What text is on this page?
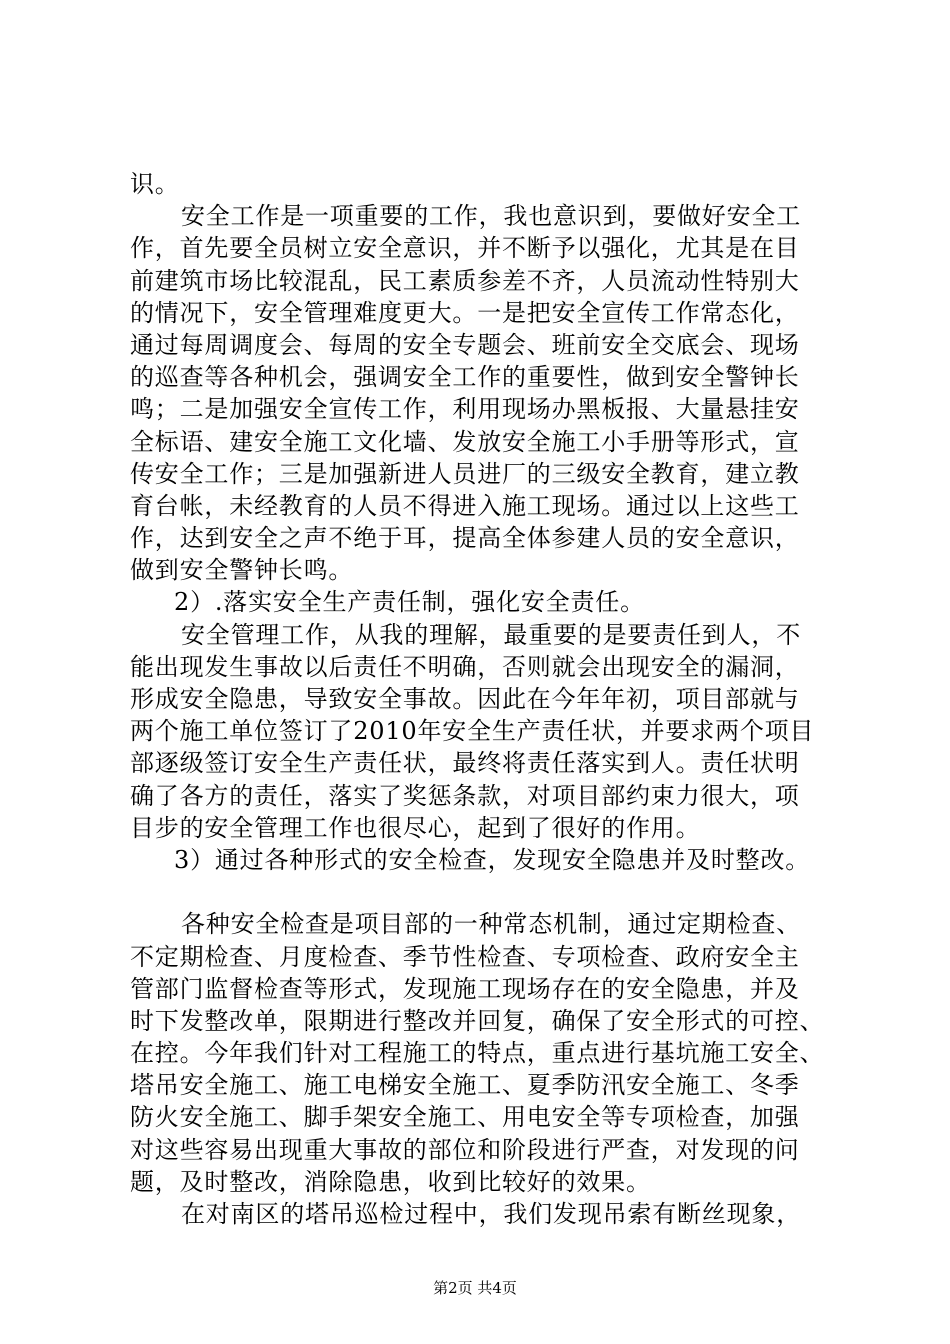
识。
安全工作是一项重要的工作，我也意识到，要做好安全工
作，首先要全员树立安全意识，并不断予以强化，尤其是在目
前建筑市场比较混乱，民工素质参差不齐，人员流动性特别大
的情况下，安全管理难度更大。一是把安全宣传工作常态化，
通过每周调度会、每周的安全专题会、班前安全交底会、现场
的巡查等各种机会，强调安全工作的重要性，做到安全警钟长
鸣；二是加强安全宣传工作，利用现场办黑板报、大量悬挂安
全标语、建安全施工文化墙、发放安全施工小手册等形式，宣
传安全工作；三是加强新进人员进厂的三级安全教育，建立教
育台帐，未经教育的人员不得进入施工现场。通过以上这些工
作，达到安全之声不绝于耳，提高全体参建人员的安全意识，
做到安全警钟长鸣。
2）.落实安全生产责任制，强化安全责任。
安全管理工作，从我的理解，最重要的是要责任到人，不
能出现发生事故以后责任不明确，否则就会出现安全的漏洞，
形成安全隐患，导致安全事故。因此在今年年初，项目部就与
两个施工单位签订了2010年安全生产责任状，并要求两个项目
部逐级签订安全生产责任状，最终将责任落实到人。责任状明
确了各方的责任，落实了奖惩条款，对项目部约束力很大，项
目步的安全管理工作也很尽心，起到了很好的作用。
3）通过各种形式的安全检查，发现安全隐患并及时整改。
各种安全检查是项目部的一种常态机制，通过定期检查、
不定期检查、月度检查、季节性检查、专项检查、政府安全主
管部门监督检查等形式，发现施工现场存在的安全隐患，并及
时下发整改单，限期进行整改并回复，确保了安全形式的可控、
在控。今年我们针对工程施工的特点，重点进行基坑施工安全、
塔吊安全施工、施工电梯安全施工、夏季防汛安全施工、冬季
防火安全施工、脚手架安全施工、用电安全等专项检查，加强
对这些容易出现重大事故的部位和阶段进行严查，对发现的问
题，及时整改，消除隐患，收到比较好的效果。
在对南区的塔吊巡检过程中，我们发现吊索有断丝现象，
第2页 共4页
